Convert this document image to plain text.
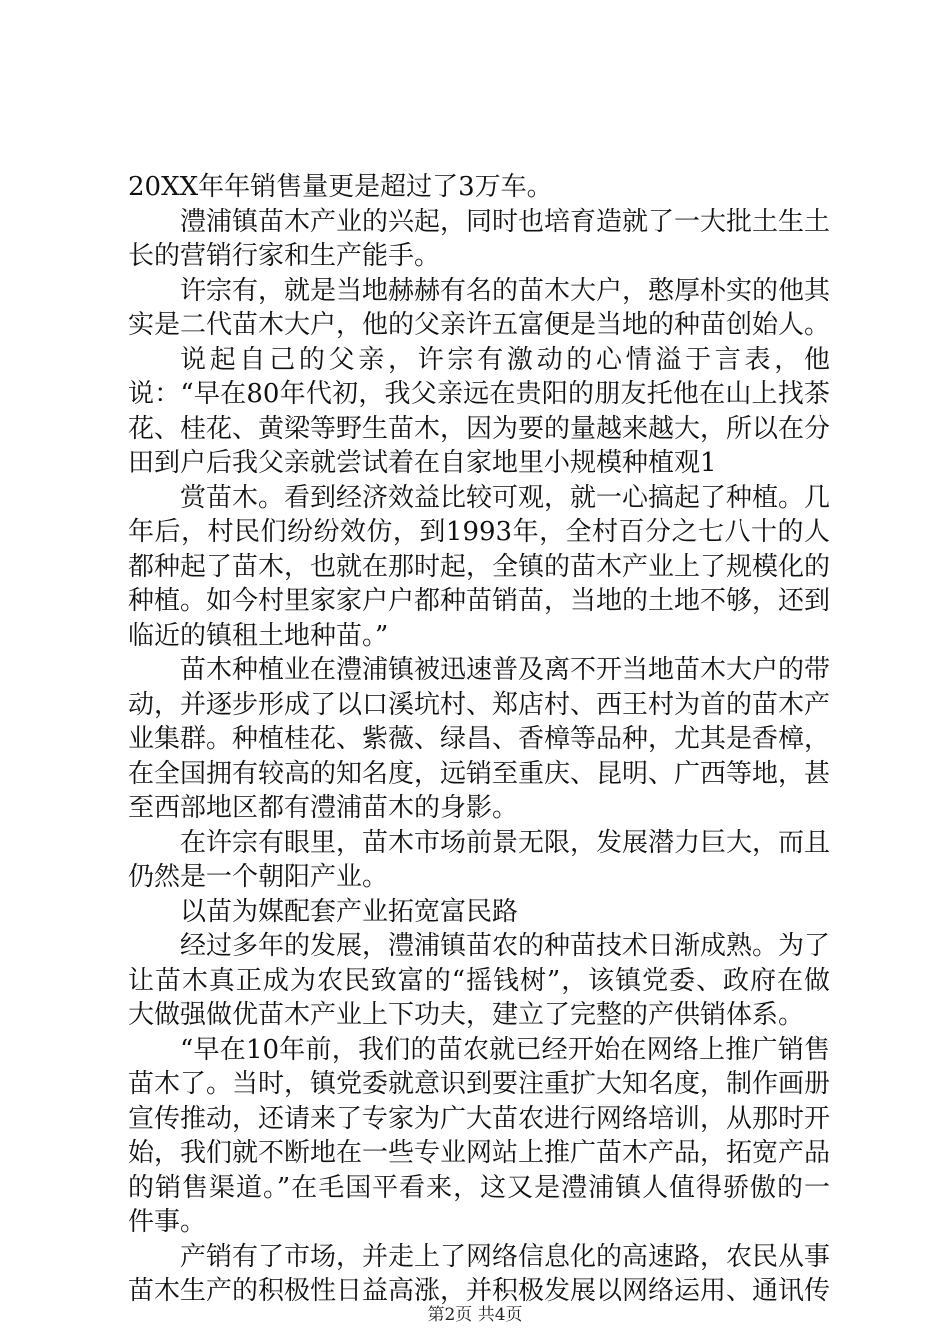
20XX年年销售量更是超过了3万车。

澧浦镇苗木产业的兴起，同时也培育造就了一大批土生土长的营销行家和生产能手。

许宗有，就是当地赫赫有名的苗木大户，憨厚朴实的他其实是二代苗木大户，他的父亲许五富便是当地的种苗创始人。

说起自己的父亲，许宗有激动的心情溢于言表，他说：“早在80年代初，我父亲远在贵阳的朋友托他在山上找茶花、桂花、黄梁等野生苗木，因为要的量越来越大，所以在分田到户后我父亲就尝试着在自家地里小规模种植观1

赏苗木。看到经济效益比较可观，就一心搞起了种植。几年后，村民们纷纷效仿，到1993年，全村百分之七八十的人都种起了苗木，也就在那时起，全镇的苗木产业上了规模化的种植。如今村里家家户户都种苗销苗，当地的土地不够，还到临近的镇租土地种苗。”

苗木种植业在澧浦镇被迅速普及离不开当地苗木大户的带动，并逐步形成了以口溪坑村、郑店村、西王村为首的苗木产业集群。种植桂花、紫薇、绿昌、香樟等品种，尤其是香樟，在全国拥有较高的知名度，远销至重庆、昆明、广西等地，甚至西部地区都有澧浦苗木的身影。

在许宗有眼里，苗木市场前景无限，发展潜力巨大，而且仍然是一个朝阳产业。

以苗为媒配套产业拓宽富民路

经过多年的发展，澧浦镇苗农的种苗技术日渐成熟。为了让苗木真正成为农民致富的“摇钱树”，该镇党委、政府在做大做强做优苗木产业上下功夫，建立了完整的产供销体系。

“早在10年前，我们的苗农就已经开始在网络上推广销售苗木了。当时，镇党委就意识到要注重扩大知名度，制作画册宣传推动，还请来了专家为广大苗农进行网络培训，从那时开始，我们就不断地在一些专业网站上推广苗木产品，拓宽产品的销售渠道。”在毛国平看来，这又是澧浦镇人值得骄傲的一件事。

产销有了市场，并走上了网络信息化的高速路，农民从事苗木生产的积极性日益高涨，并积极发展以网络运用、通讯传

第2页 共4页
